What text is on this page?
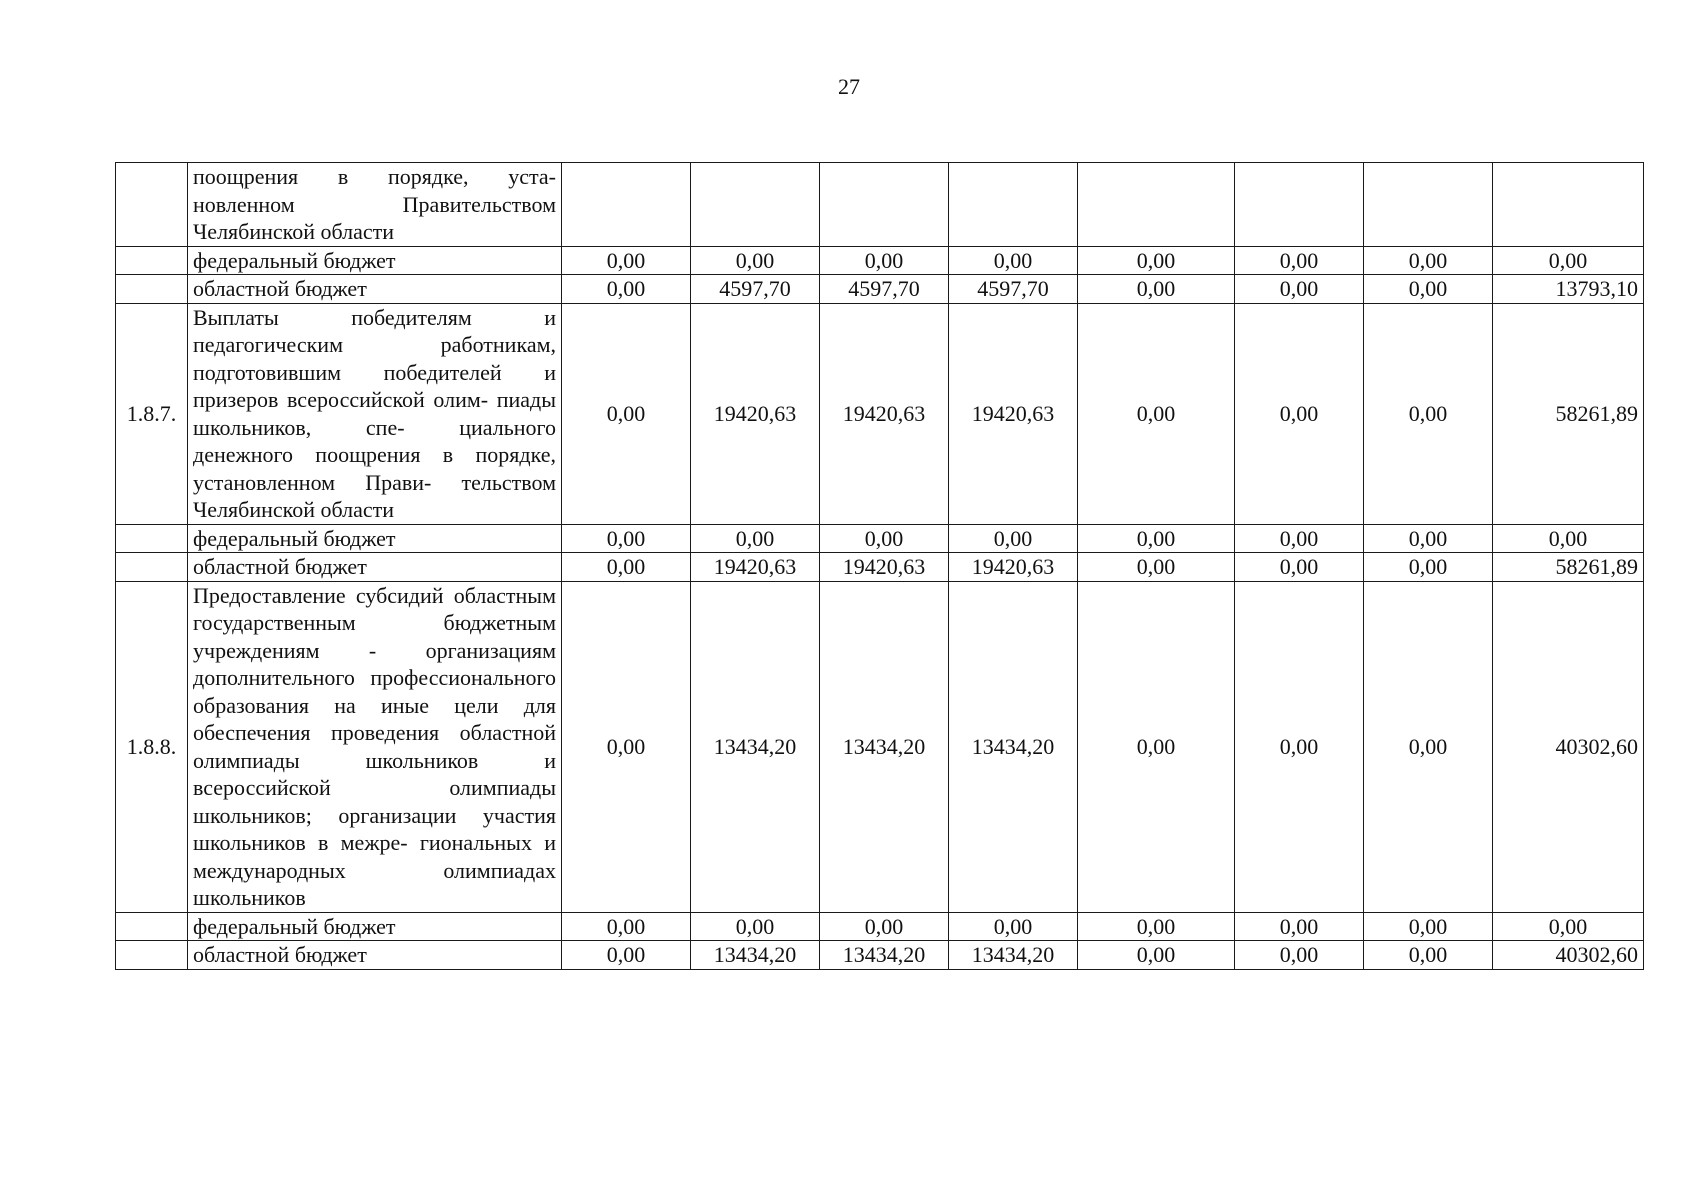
27
	поощрения в порядке, уста- новленном Правительством Челябинской области								
	федеральный бюджет	0,00	0,00	0,00	0,00	0,00	0,00	0,00	0,00
	областной бюджет	0,00	4597,70	4597,70	4597,70	0,00	0,00	0,00	13793,10
1.8.7.	Выплаты победителям и педагогическим работникам, подготовившим победителей и призеров всероссийской олим- пиады школьников, спе- циального денежного поощрения в порядке, установленном Прави- тельством Челябинской области	0,00	19420,63	19420,63	19420,63	0,00	0,00	0,00	58261,89
	федеральный бюджет	0,00	0,00	0,00	0,00	0,00	0,00	0,00	0,00
	областной бюджет	0,00	19420,63	19420,63	19420,63	0,00	0,00	0,00	58261,89
1.8.8.	Предоставление субсидий областным государственным бюджетным учреждениям - организациям дополнительного профессионального образования на иные цели для обеспечения проведения областной олимпиады школьников и всероссийской олимпиады школьников; организации участия школьников в межре- гиональных и международных олимпиадах школьников	0,00	13434,20	13434,20	13434,20	0,00	0,00	0,00	40302,60
	федеральный бюджет	0,00	0,00	0,00	0,00	0,00	0,00	0,00	0,00
	областной бюджет	0,00	13434,20	13434,20	13434,20	0,00	0,00	0,00	40302,60
